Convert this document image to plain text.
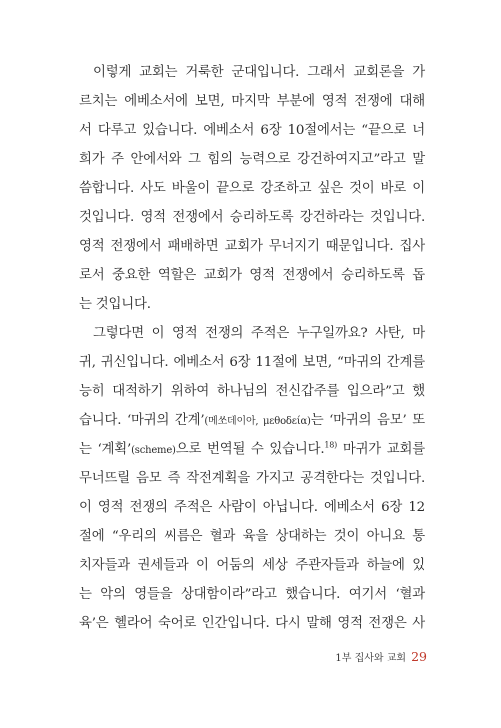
이렇게 교회는 거룩한 군대입니다. 그래서 교회론을 가
르치는 에베소서에 보면, 마지막 부분에 영적 전쟁에 대해
서 다루고 있습니다. 에베소서 6장 10절에서는 “끝으로 너
희가 주 안에서와 그 힘의 능력으로 강건하여지고”라고 말
씀합니다. 사도 바울이 끝으로 강조하고 싶은 것이 바로 이
것입니다. 영적 전쟁에서 승리하도록 강건하라는 것입니다.
영적 전쟁에서 패배하면 교회가 무너지기 때문입니다. 집사
로서 중요한 역할은 교회가 영적 전쟁에서 승리하도록 돕
는 것입니다.
그렇다면 이 영적 전쟁의 주적은 누구일까요? 사탄, 마
귀, 귀신입니다. 에베소서 6장 11절에 보면, “마귀의 간계를
능히 대적하기 위하여 하나님의 전신갑주를 입으라”고 했
습니다. ‘마귀의 간계’(메쏘데이아, μεθοδεία)는 ‘마귀의 음모’ 또
는 ‘계획’(scheme)으로 번역될 수 있습니다.$^{18)}$ 마귀가 교회를
무너뜨릴 음모 즉 작전계획을 가지고 공격한다는 것입니다.
이 영적 전쟁의 주적은 사람이 아닙니다. 에베소서 6장 12
절에 “우리의 씨름은 혈과 육을 상대하는 것이 아니요 통
치자들과 권세들과 이 어둠의 세상 주관자들과 하늘에 있
는 악의 영들을 상대함이라”라고 했습니다. 여기서 ‘혈과
육’은 헬라어 숙어로 인간입니다. 다시 말해 영적 전쟁은 사
1부 집사와 교회 29
